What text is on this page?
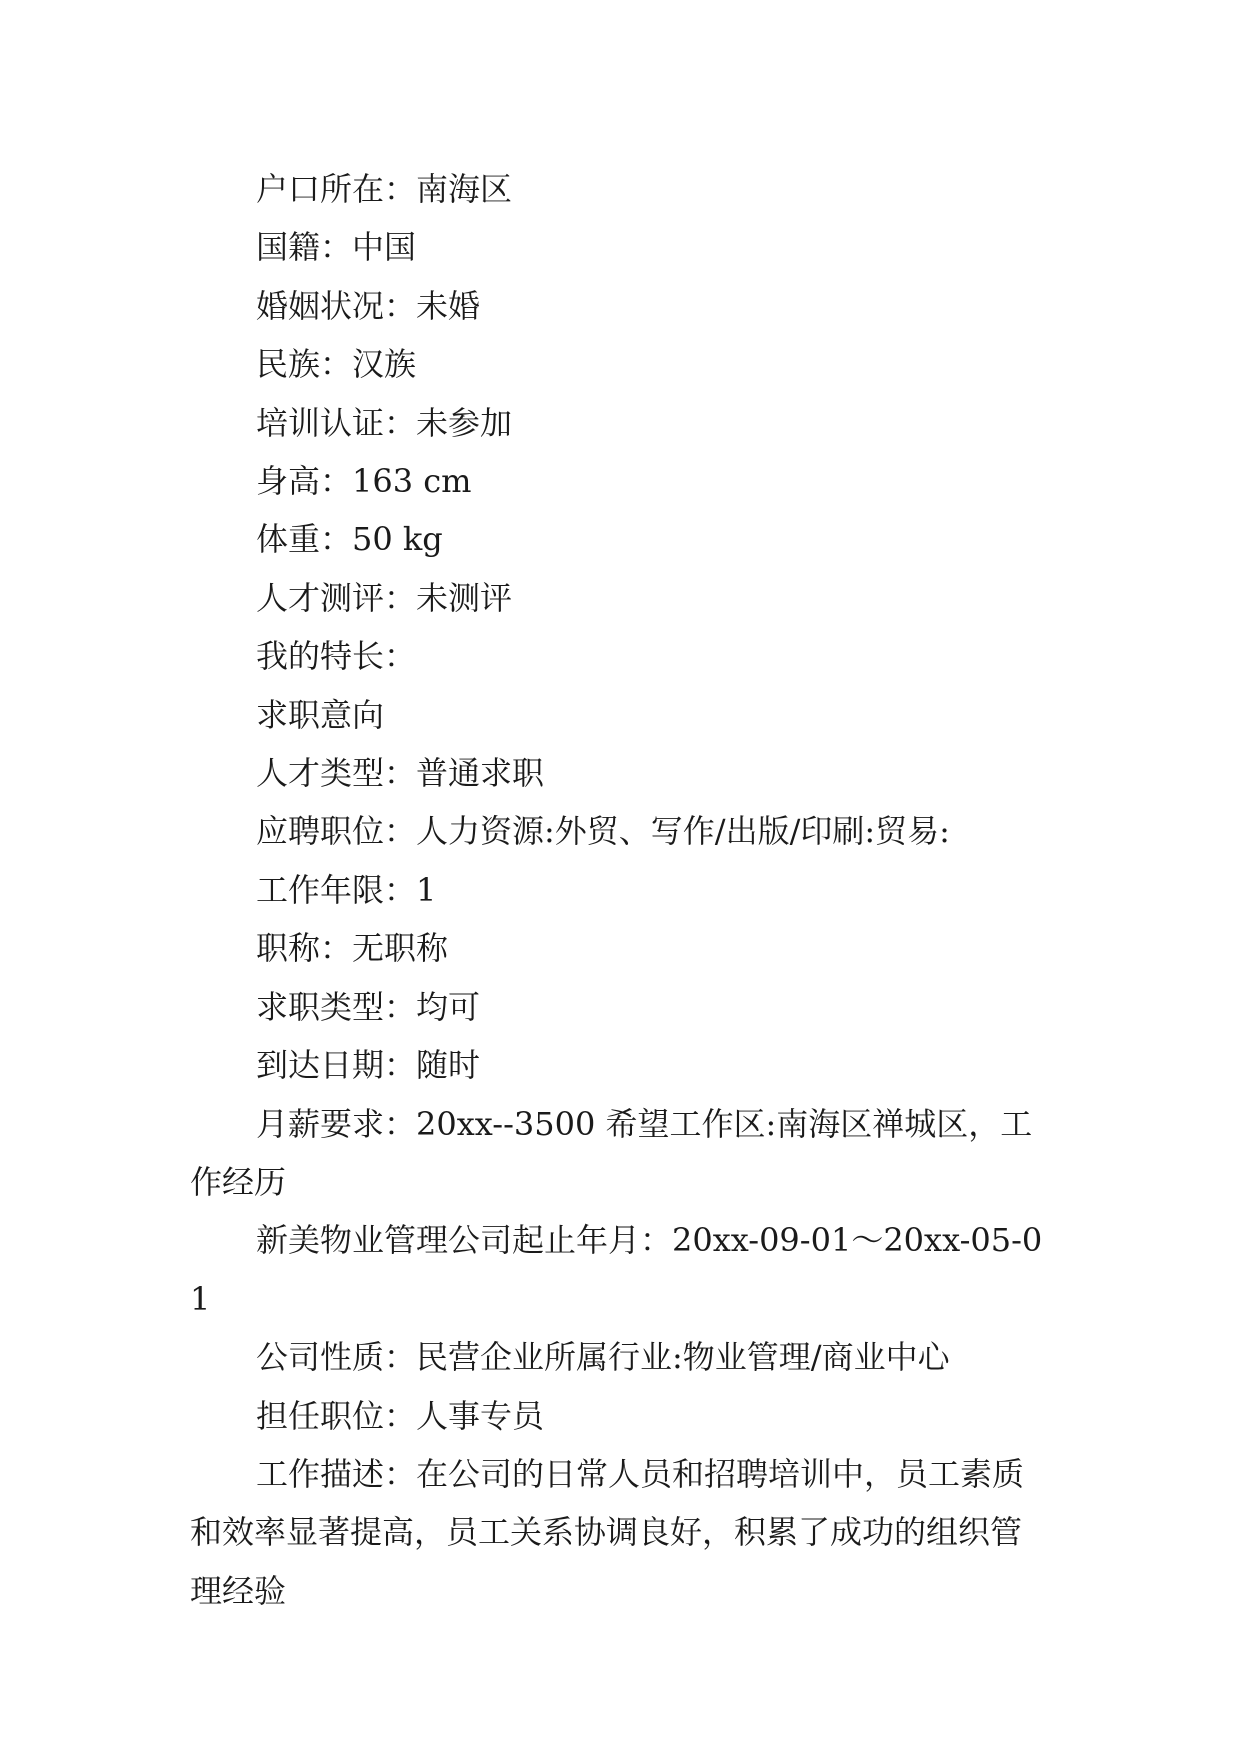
户口所在：南海区

国籍：中国

婚姻状况：未婚

民族：汉族

培训认证：未参加

身高：163 cm

体重：50 kg

人才测评：未测评

我的特长：

求职意向

人才类型：普通求职

应聘职位：人力资源:外贸、写作/出版/印刷:贸易:

工作年限：1

职称：无职称

求职类型：均可

到达日期：随时

月薪要求：20xx--3500 希望工作区:南海区禅城区，工作经历

新美物业管理公司起止年月：20xx-09-01～20xx-05-01

公司性质：民营企业所属行业:物业管理/商业中心

担任职位：人事专员

工作描述：在公司的日常人员和招聘培训中，员工素质和效率显著提高，员工关系协调良好，积累了成功的组织管理经验
